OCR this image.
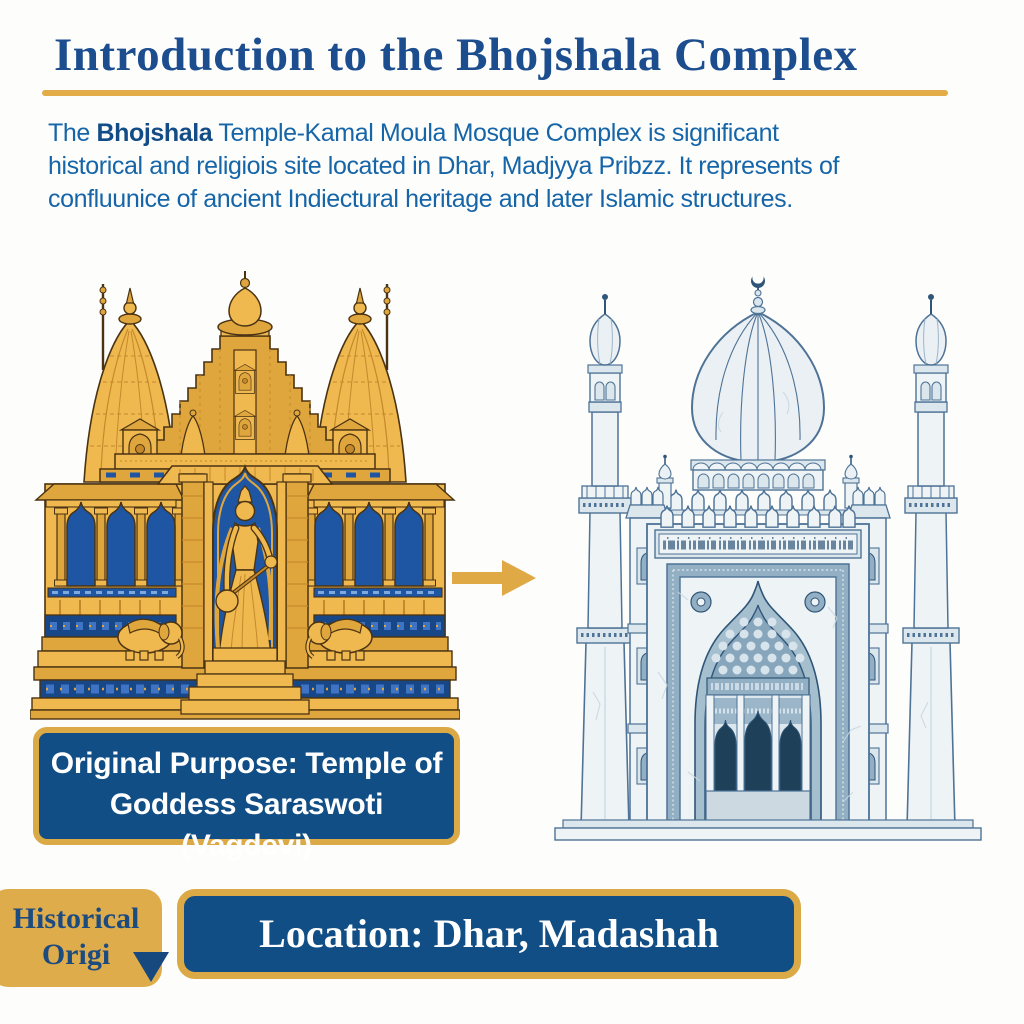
Introduction to the Bhojshala Complex
The Bhojshala Temple-Kamal Moula Mosque Complex is significant
historical and religiois site located in Dhar, Madjyya Pribzz. It represents of
confluunice of ancient Indiectural heritage and later Islamic structures.
Original Purpose: Temple of
Goddess Saraswoti (Vagdevi)
Historical
Origi	Location: Dhar, Madashah
